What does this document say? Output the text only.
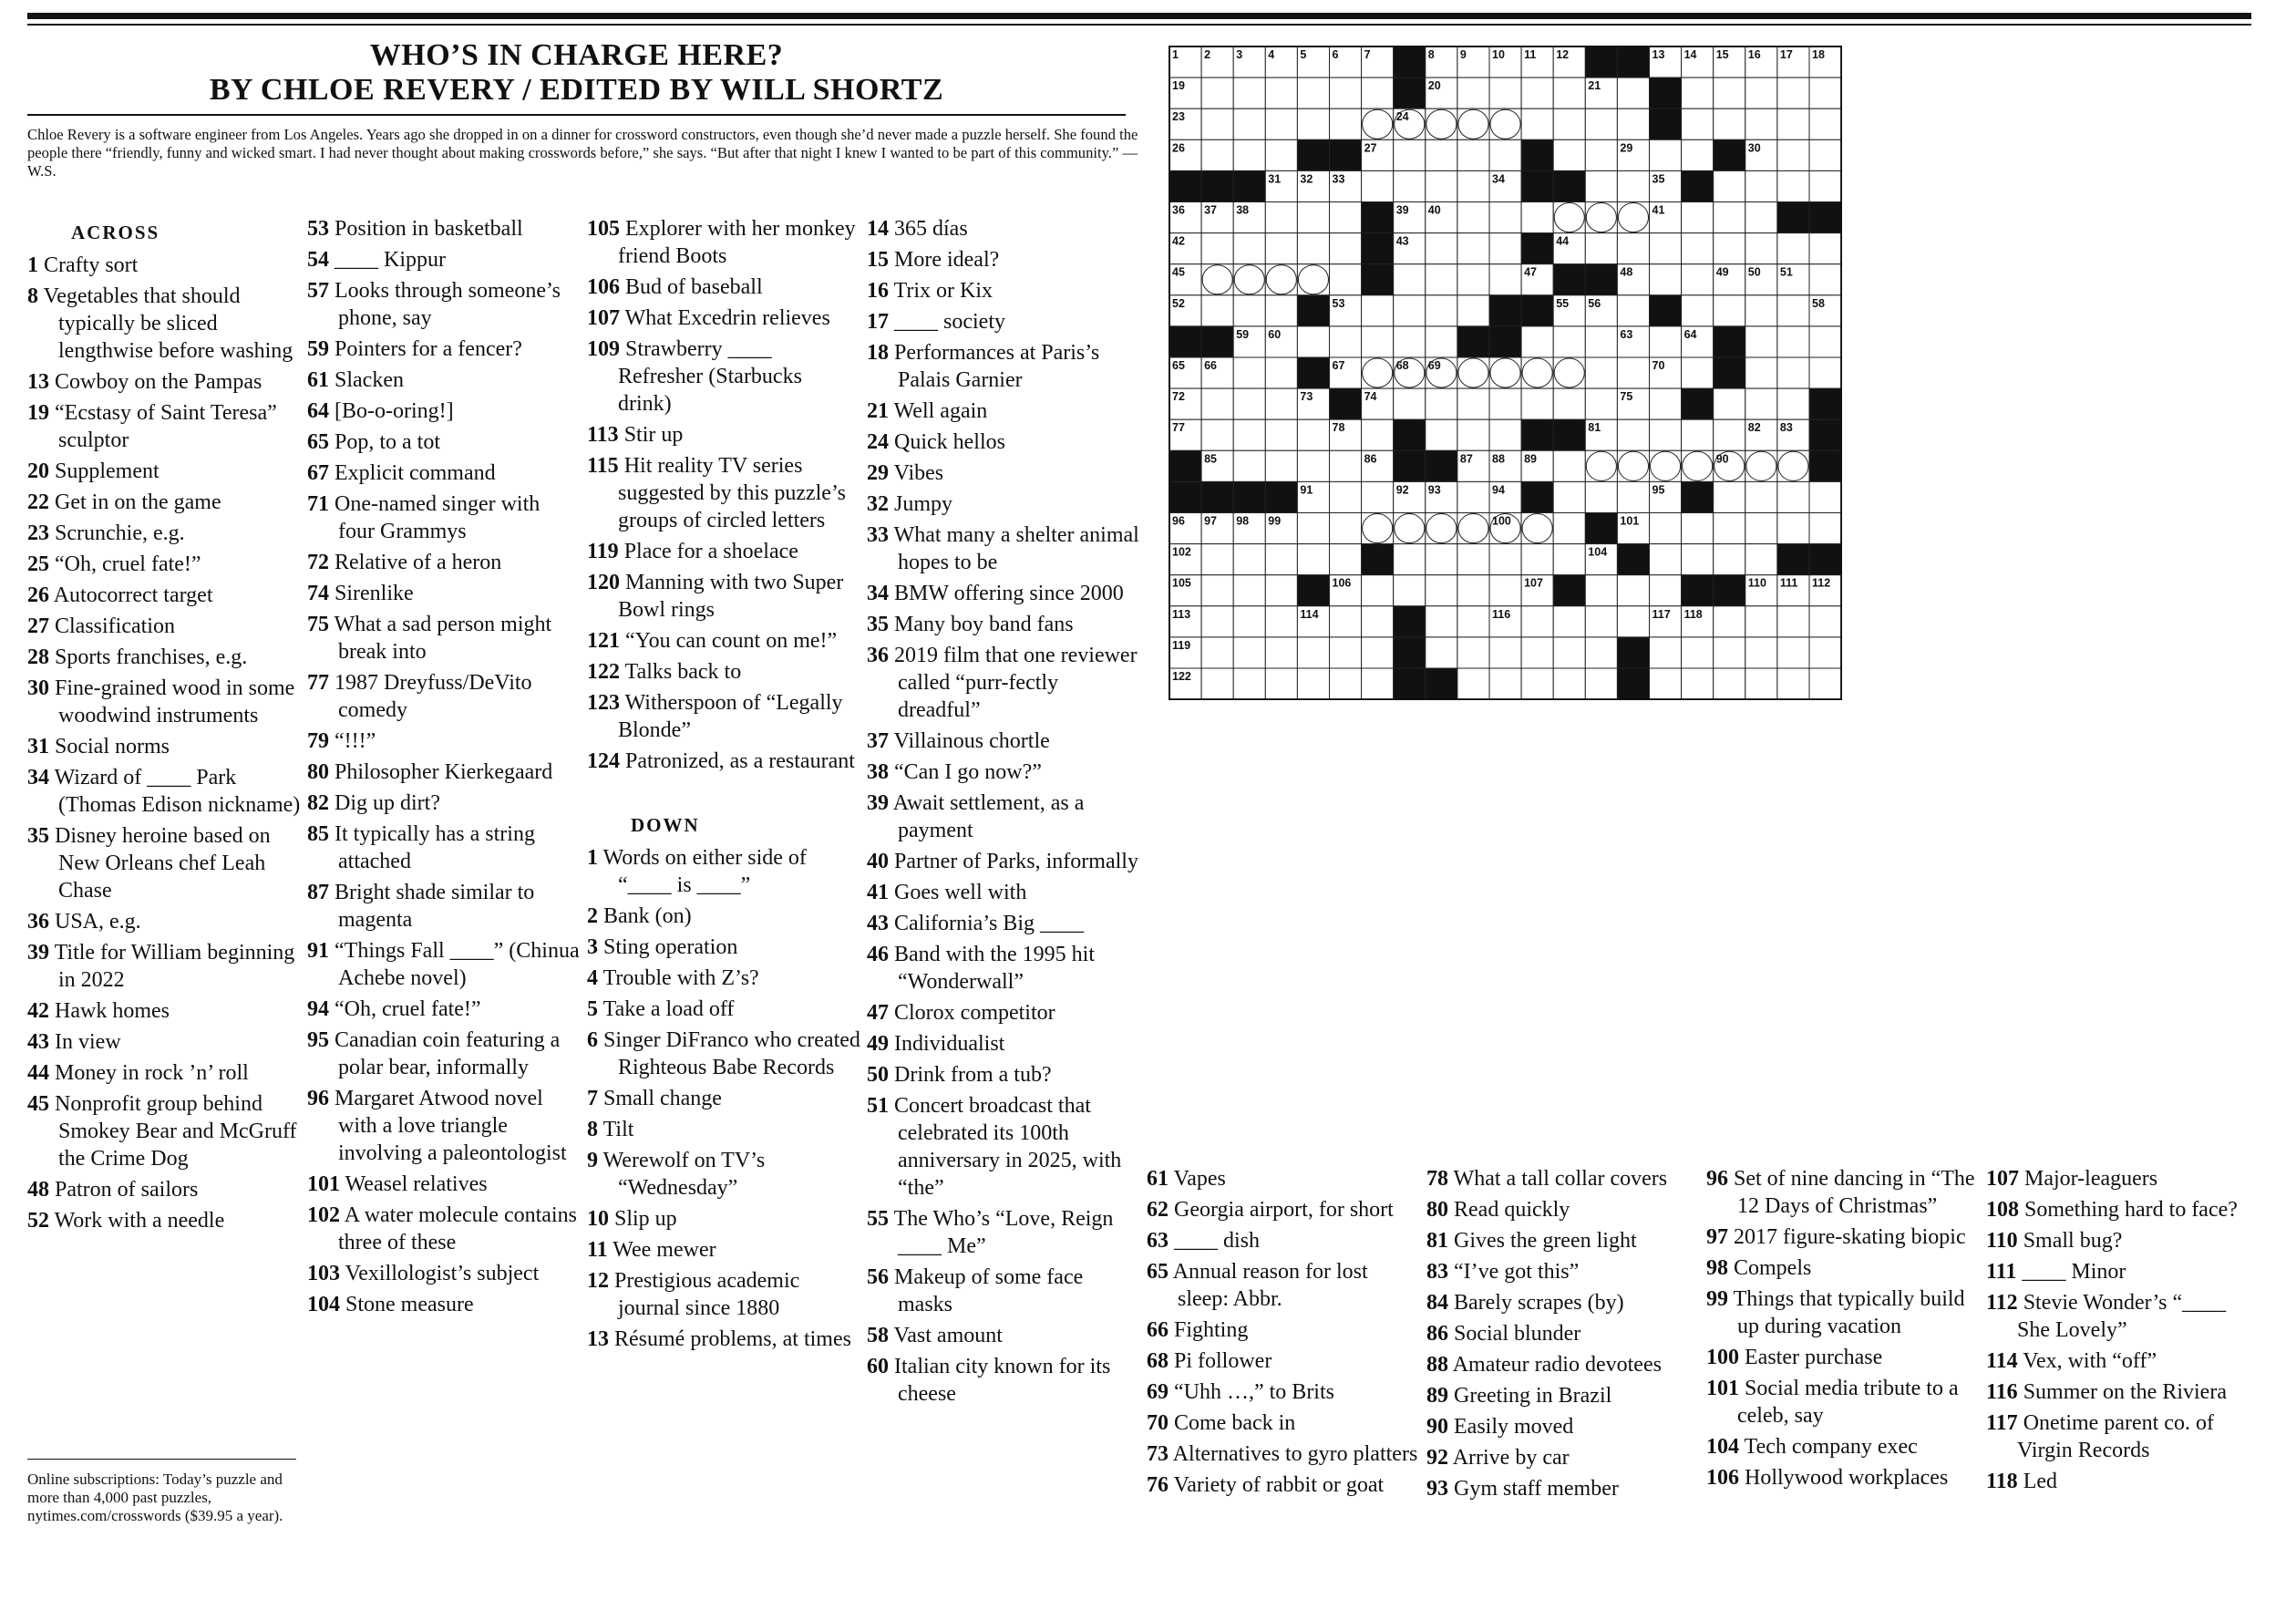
WHO’S IN CHARGE HERE?
BY CHLOE REVERY / EDITED BY WILL SHORTZ
Chloe Revery is a software engineer from Los Angeles. Years ago she dropped in on a dinner for crossword constructors, even though she’d never made a puzzle herself. She found the people there “friendly, funny and wicked smart. I had never thought about making crosswords before,” she says. “But after that night I knew I wanted to be part of this community.” — W.S.
ACROSS
1 Crafty sort
8 Vegetables that should typically be sliced lengthwise before washing
13 Cowboy on the Pampas
19 “Ecstasy of Saint Teresa” sculptor
20 Supplement
22 Get in on the game
23 Scrunchie, e.g.
25 “Oh, cruel fate!”
26 Autocorrect target
27 Classification
28 Sports franchises, e.g.
30 Fine-grained wood in some woodwind instruments
31 Social norms
34 Wizard of ____ Park (Thomas Edison nickname)
35 Disney heroine based on New Orleans chef Leah Chase
36 USA, e.g.
39 Title for William beginning in 2022
42 Hawk homes
43 In view
44 Money in rock ’n’ roll
45 Nonprofit group behind Smokey Bear and McGruff the Crime Dog
48 Patron of sailors
52 Work with a needle
53 Position in basketball
54 ____ Kippur
57 Looks through someone’s phone, say
59 Pointers for a fencer?
61 Slacken
64 [Bo-o-oring!]
65 Pop, to a tot
67 Explicit command
71 One-named singer with four Grammys
72 Relative of a heron
74 Sirenlike
75 What a sad person might break into
77 1987 Dreyfuss/DeVito comedy
79 “!!!”
80 Philosopher Kierkegaard
82 Dig up dirt?
85 It typically has a string attached
87 Bright shade similar to magenta
91 “Things Fall ____” (Chinua Achebe novel)
94 “Oh, cruel fate!”
95 Canadian coin featuring a polar bear, informally
96 Margaret Atwood novel with a love triangle involving a paleontologist
101 Weasel relatives
102 A water molecule contains three of these
103 Vexillologist’s subject
104 Stone measure
105 Explorer with her monkey friend Boots
106 Bud of baseball
107 What Excedrin relieves
109 Strawberry ____ Refresher (Starbucks drink)
113 Stir up
115 Hit reality TV series suggested by this puzzle’s groups of circled letters
119 Place for a shoelace
120 Manning with two Super Bowl rings
121 “You can count on me!”
122 Talks back to
123 Witherspoon of “Legally Blonde”
124 Patronized, as a restaurant
DOWN
1 Words on either side of “____ is ____”
2 Bank (on)
3 Sting operation
4 Trouble with Z’s?
5 Take a load off
6 Singer DiFranco who created Righteous Babe Records
7 Small change
8 Tilt
9 Werewolf on TV’s “Wednesday”
10 Slip up
11 Wee mewer
12 Prestigious academic journal since 1880
13 Résumé problems, at times
14 365 días
15 More ideal?
16 Trix or Kix
17 ____ society
18 Performances at Paris’s Palais Garnier
21 Well again
24 Quick hellos
29 Vibes
32 Jumpy
33 What many a shelter animal hopes to be
34 BMW offering since 2000
35 Many boy band fans
36 2019 film that one reviewer called “purr-fectly dreadful”
37 Villainous chortle
38 “Can I go now?”
39 Await settlement, as a payment
40 Partner of Parks, informally
41 Goes well with
43 California’s Big ____
46 Band with the 1995 hit “Wonderwall”
47 Clorox competitor
49 Individualist
50 Drink from a tub?
51 Concert broadcast that celebrated its 100th anniversary in 2025, with “the”
55 The Who’s “Love, Reign ____ Me”
56 Makeup of some face masks
58 Vast amount
60 Italian city known for its cheese
61 Vapes
62 Georgia airport, for short
63 ____ dish
65 Annual reason for lost sleep: Abbr.
66 Fighting
68 Pi follower
69 “Uhh …,” to Brits
70 Come back in
73 Alternatives to gyro platters
76 Variety of rabbit or goat
78 What a tall collar covers
80 Read quickly
81 Gives the green light
83 “I’ve got this”
84 Barely scrapes (by)
86 Social blunder
88 Amateur radio devotees
89 Greeting in Brazil
90 Easily moved
92 Arrive by car
93 Gym staff member
96 Set of nine dancing in “The 12 Days of Christmas”
97 2017 figure-skating biopic
98 Compels
99 Things that typically build up during vacation
100 Easter purchase
101 Social media tribute to a celeb, say
104 Tech company exec
106 Hollywood workplaces
107 Major-leaguers
108 Something hard to face?
110 Small bug?
111 ____ Minor
112 Stevie Wonder’s “____ She Lovely”
114 Vex, with “off”
116 Summer on the Riviera
117 Onetime parent co. of Virgin Records
118 Led
Online subscriptions: Today’s puzzle and more than 4,000 past puzzles, nytimes.com/crosswords ($39.95 a year).
1 2 3 4 5 6 7	8 9 10 11 12	13 14 15 16 17 18
19	20	21	22
23	24	25
26	27	28	29	30
31 32 33	34	35
36 37 38	39 40	41
42	43	44
45	46	47	48	49 50 51
52	53	54 55 56	57	58
59 60	61 62	63	64
65 66	67	68 69	70	71
72	73	74	75	76
77	78	79	80 81	82 83 84
85	86	87 88 89	90
91	92 93	94	95
96 97 98 99	100	101
102	103	104
105	106	107 108	109 110 111 112
113	114	115	116	117 118
119	120	121
122	123	124
